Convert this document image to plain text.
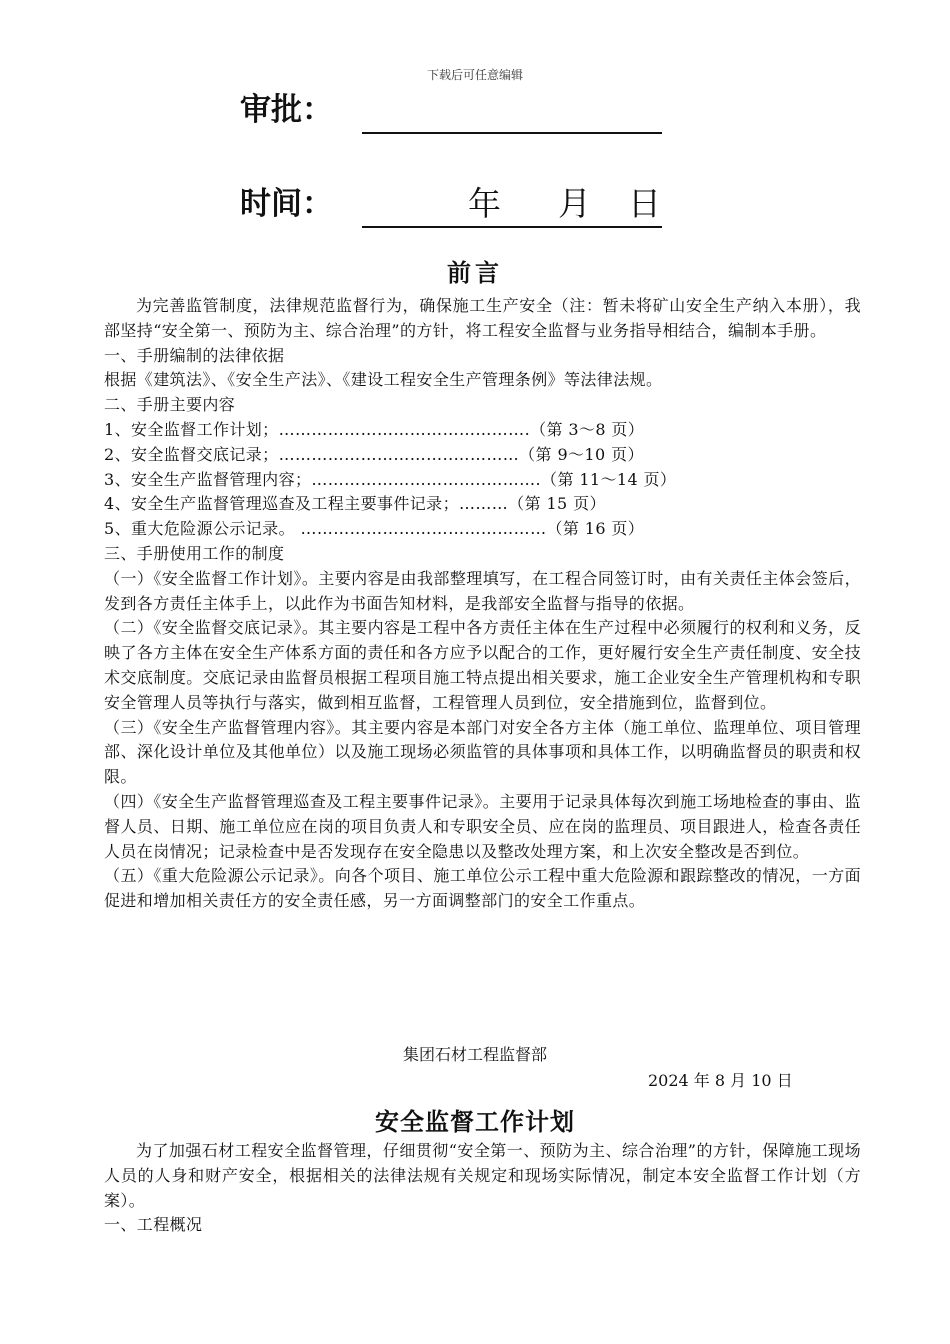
下载后可任意编辑
审批：
时间：	年 月 日
前言

为完善监管制度，法律规范监督行为，确保施工生产安全（注：暂未将矿山安全生产纳入本册），我部坚持“安全第一、预防为主、综合治理”的方针，将工程安全监督与业务指导相结合，编制本手册。

一、手册编制的法律依据

根据《建筑法》、《安全生产法》、《建设工程安全生产管理条例》等法律法规。

二、手册主要内容

1、安全监督工作计划；……………………………………….（第 3～8 页）

2、安全监督交底记录；…………………………..…………（第 9～10 页）

3、安全生产监督管理内容；…………………………..……….（第 11～14 页）

4、安全生产监督管理巡查及工程主要事件记录；………（第 15 页）

5、重大危险源公示记录。 ………………………………………（第 16 页）

三、手册使用工作的制度

（一）《安全监督工作计划》。主要内容是由我部整理填写，在工程合同签订时，由有关责任主体会签后，发到各方责任主体手上，以此作为书面告知材料，是我部安全监督与指导的依据。

（二）《安全监督交底记录》。其主要内容是工程中各方责任主体在生产过程中必须履行的权利和义务，反映了各方主体在安全生产体系方面的责任和各方应予以配合的工作，更好履行安全生产责任制度、安全技术交底制度。交底记录由监督员根据工程项目施工特点提出相关要求，施工企业安全生产管理机构和专职安全管理人员等执行与落实，做到相互监督，工程管理人员到位，安全措施到位，监督到位。

（三）《安全生产监督管理内容》。其主要内容是本部门对安全各方主体（施工单位、监理单位、项目管理部、深化设计单位及其他单位）以及施工现场必须监管的具体事项和具体工作，以明确监督员的职责和权限。

（四）《安全生产监督管理巡查及工程主要事件记录》。主要用于记录具体每次到施工场地检查的事由、监督人员、日期、施工单位应在岗的项目负责人和专职安全员、应在岗的监理员、项目跟进人，检查各责任人员在岗情况；记录检查中是否发现存在安全隐患以及整改处理方案，和上次安全整改是否到位。

（五）《重大危险源公示记录》。向各个项目、施工单位公示工程中重大危险源和跟踪整改的情况，一方面促进和增加相关责任方的安全责任感，另一方面调整部门的安全工作重点。

集团石材工程监督部
2024 年 8 月 10 日
安全监督工作计划

为了加强石材工程安全监督管理，仔细贯彻“安全第一、预防为主、综合治理”的方针，保障施工现场人员的人身和财产安全，根据相关的法律法规有关规定和现场实际情况，制定本安全监督工作计划（方案）。

一、工程概况
